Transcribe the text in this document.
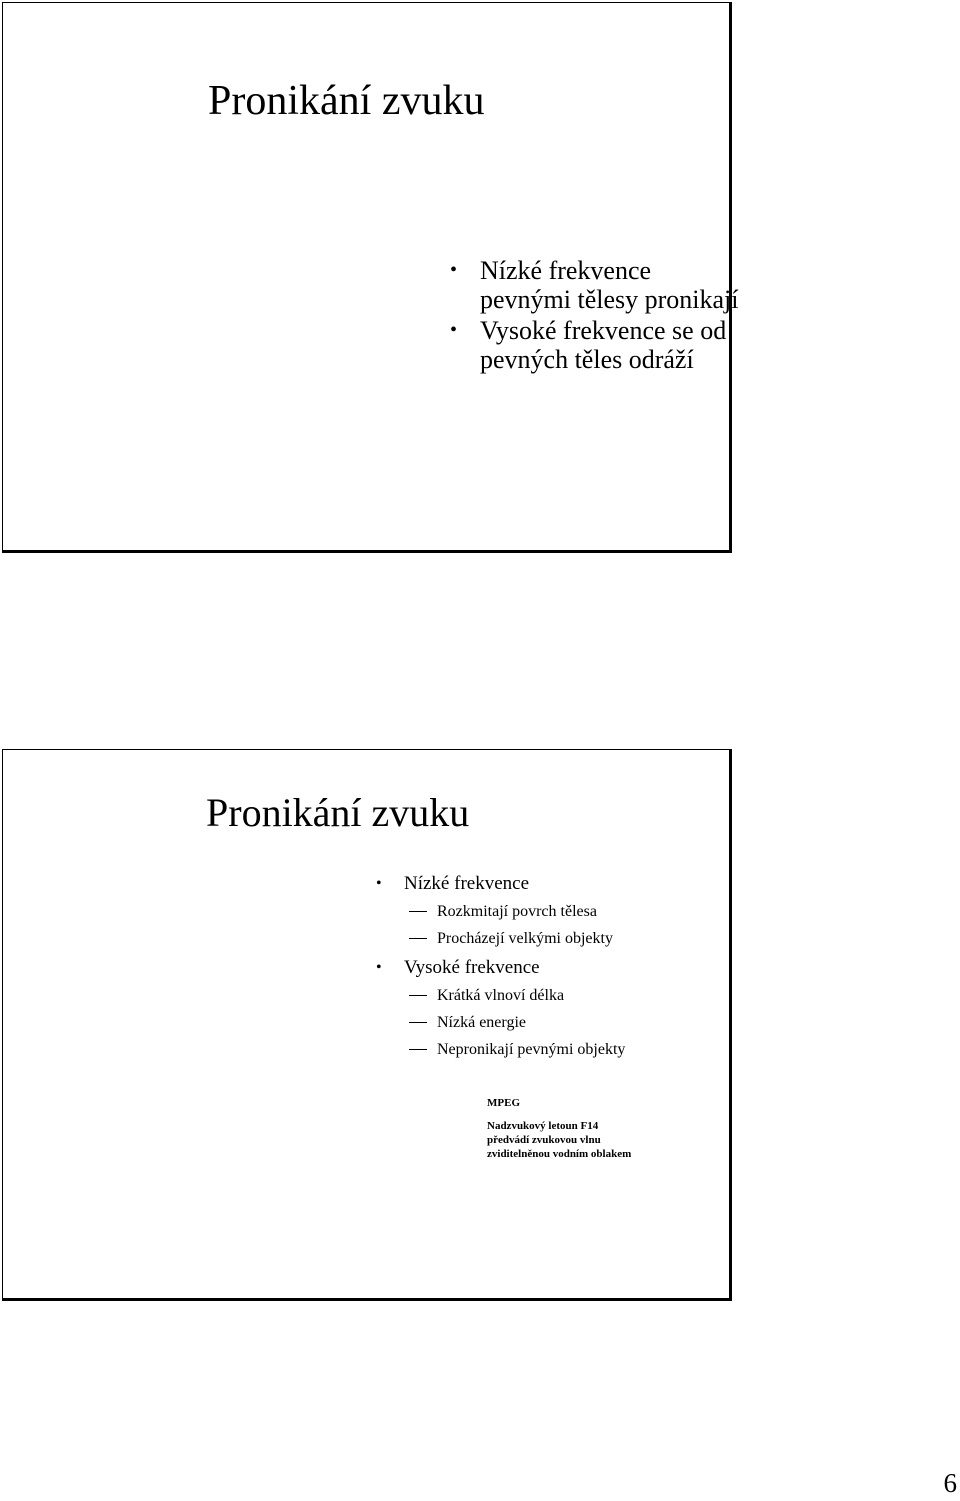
Pronikání zvuku
• Nízké frekvence pevnými tělesy pronikají
• Vysoké frekvence se od pevných těles odráží
Pronikání zvuku
• Nízké frekvence
Rozkmitají povrch tělesa
Procházejí velkými objekty
• Vysoké frekvence
Krátká vlnoví délka
Nízká energie
Nepronikají pevnými objekty
MPEG
Nadzvukový letoun F14
předvádí zvukovou vlnu
zviditelněnou vodním oblakem
6
